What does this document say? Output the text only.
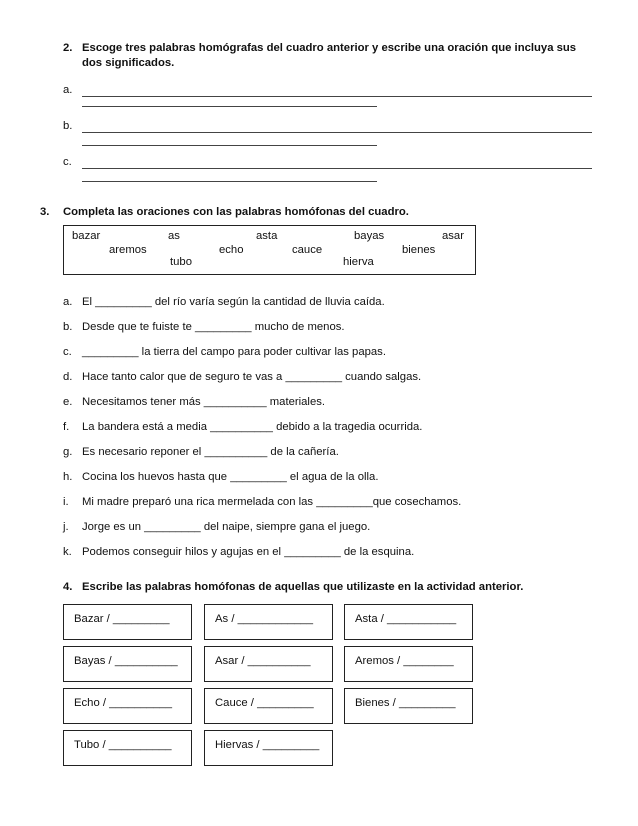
2. Escoge tres palabras homógrafas del cuadro anterior y escribe una oración que incluya sus
dos significados.
a.
b.
c.
3. Completa las oraciones con las palabras homófonas del cuadro.
bazar	as	asta	bayas	asar
aremos	echo	cauce	bienes
tubo	hierva
a. El _________ del río varía según la cantidad de lluvia caída.
b. Desde que te fuiste te _________ mucho de menos.
c. _________ la tierra del campo para poder cultivar las papas.
d. Hace tanto calor que de seguro te vas a _________ cuando salgas.
e. Necesitamos tener más __________ materiales.
f. La bandera está a media __________ debido a la tragedia ocurrida.
g. Es necesario reponer el __________ de la cañería.
h. Cocina los huevos hasta que _________ el agua de la olla.
i. Mi madre preparó una rica mermelada con las _________que cosechamos.
j. Jorge es un _________ del naipe, siempre gana el juego.
k. Podemos conseguir hilos y agujas en el _________ de la esquina.
4. Escribe las palabras homófonas de aquellas que utilizaste en la actividad anterior.
Bazar / _________	As / ____________	Asta / ___________
Bayas / __________	Asar / __________	Aremos / ________
Echo / __________	Cauce / _________	Bienes / _________
Tubo / __________	Hiervas / _________
